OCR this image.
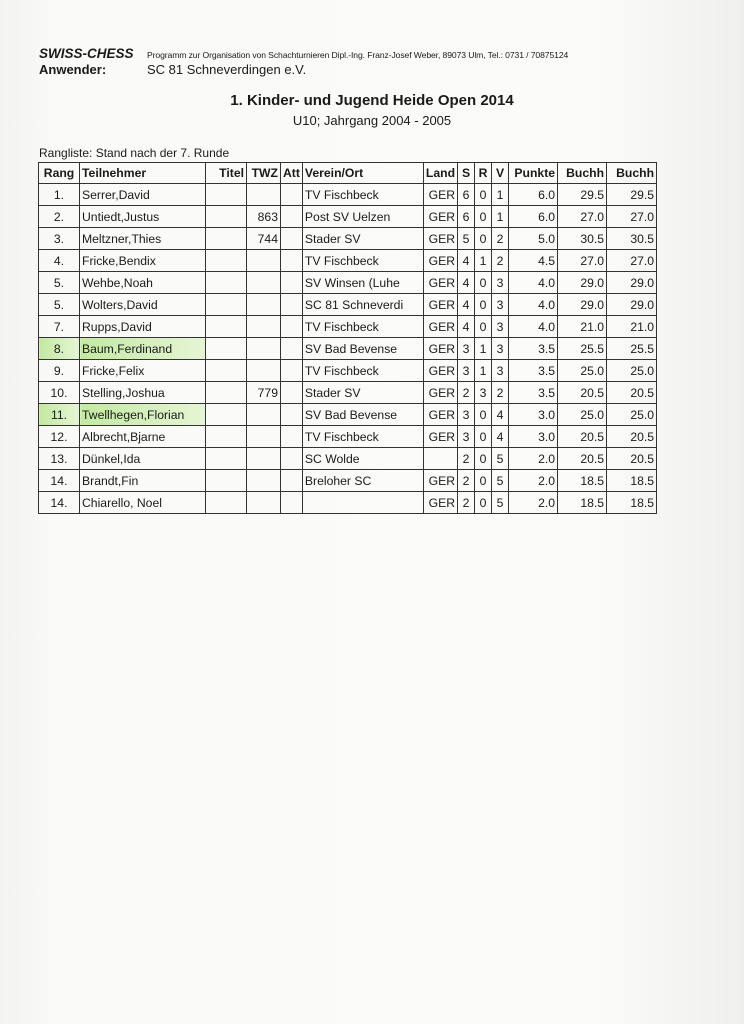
SWISS-CHESS	Programm zur Organisation von Schachturnieren Dipl.-Ing. Franz-Josef Weber, 89073 Ulm, Tel.: 0731 / 70875124
Anwender:	SC 81 Schneverdingen e.V.
1. Kinder- und Jugend Heide Open 2014
U10; Jahrgang 2004 - 2005
Rangliste: Stand nach der 7. Runde
Rang	Teilnehmer	Titel	TWZ	Att	Verein/Ort	Land	S	R	V	Punkte	Buchh	Buchh
1.	Serrer,David				TV Fischbeck	GER	6	0	1	6.0	29.5	29.5
2.	Untiedt,Justus		863		Post SV Uelzen	GER	6	0	1	6.0	27.0	27.0
3.	Meltzner,Thies		744		Stader SV	GER	5	0	2	5.0	30.5	30.5
4.	Fricke,Bendix				TV Fischbeck	GER	4	1	2	4.5	27.0	27.0
5.	Wehbe,Noah				SV Winsen (Luhe	GER	4	0	3	4.0	29.0	29.0
5.	Wolters,David				SC 81 Schneverdi	GER	4	0	3	4.0	29.0	29.0
7.	Rupps,David				TV Fischbeck	GER	4	0	3	4.0	21.0	21.0
8.	Baum,Ferdinand				SV Bad Bevense	GER	3	1	3	3.5	25.5	25.5
9.	Fricke,Felix				TV Fischbeck	GER	3	1	3	3.5	25.0	25.0
10.	Stelling,Joshua		779		Stader SV	GER	2	3	2	3.5	20.5	20.5
11.	Twellhegen,Florian				SV Bad Bevense	GER	3	0	4	3.0	25.0	25.0
12.	Albrecht,Bjarne				TV Fischbeck	GER	3	0	4	3.0	20.5	20.5
13.	Dünkel,Ida				SC Wolde		2	0	5	2.0	20.5	20.5
14.	Brandt,Fin				Breloher SC	GER	2	0	5	2.0	18.5	18.5
14.	Chiarello, Noel					GER	2	0	5	2.0	18.5	18.5
